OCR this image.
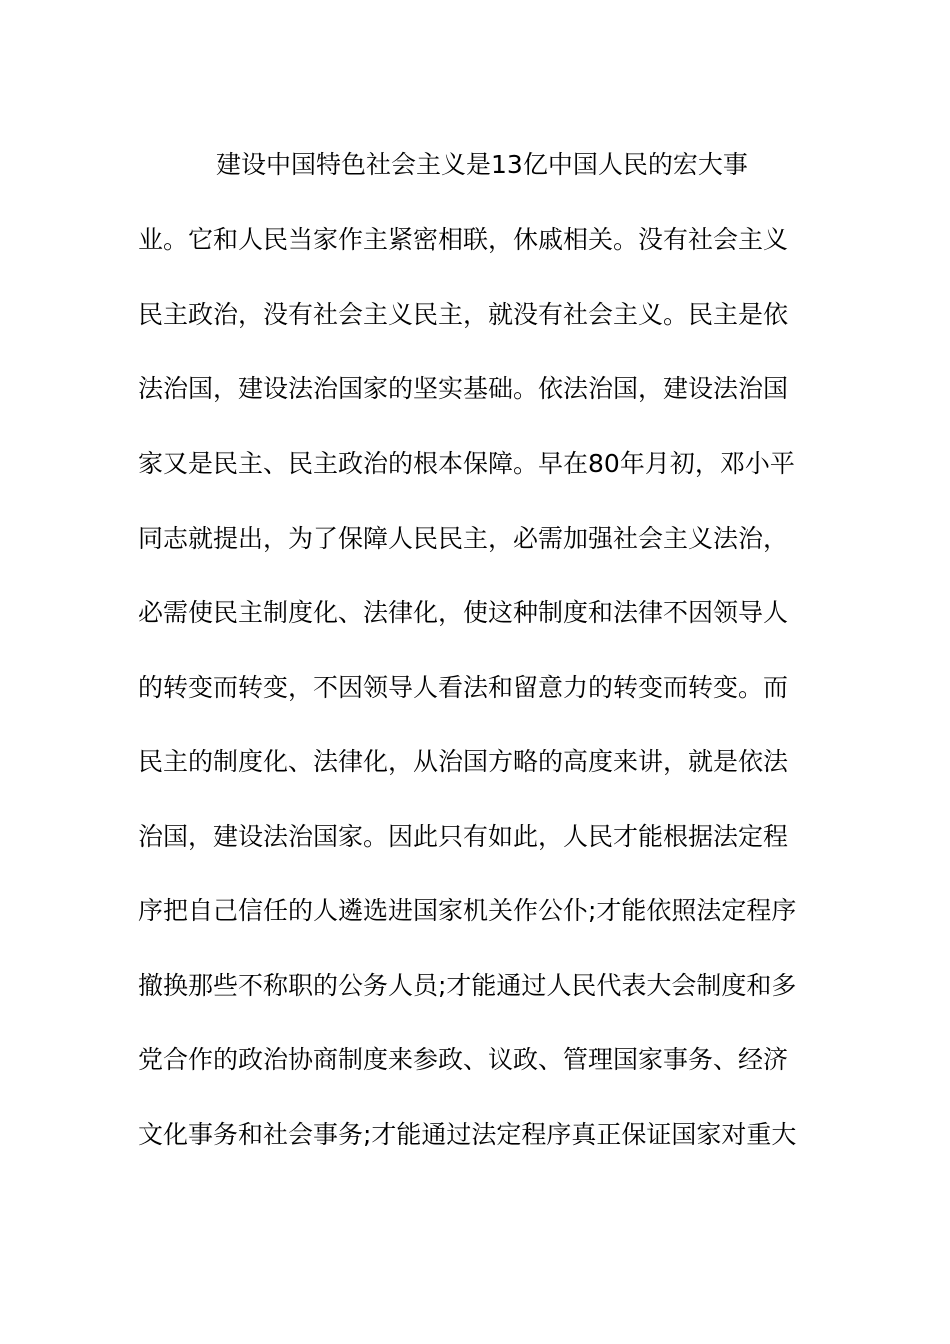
建设中国特色社会主义是13亿中国人民的宏大事
业。它和人民当家作主紧密相联，休戚相关。没有社会主义
民主政治，没有社会主义民主，就没有社会主义。民主是依
法治国，建设法治国家的坚实基础。依法治国，建设法治国
家又是民主、民主政治的根本保障。早在80年月初，邓小平
同志就提出，为了保障人民民主，必需加强社会主义法治，
必需使民主制度化、法律化，使这种制度和法律不因领导人
的转变而转变，不因领导人看法和留意力的转变而转变。而
民主的制度化、法律化，从治国方略的高度来讲，就是依法
治国，建设法治国家。因此只有如此，人民才能根据法定程
序把自己信任的人遴选进国家机关作公仆;才能依照法定程序
撤换那些不称职的公务人员;才能通过人民代表大会制度和多
党合作的政治协商制度来参政、议政、管理国家事务、经济
文化事务和社会事务;才能通过法定程序真正保证国家对重大
